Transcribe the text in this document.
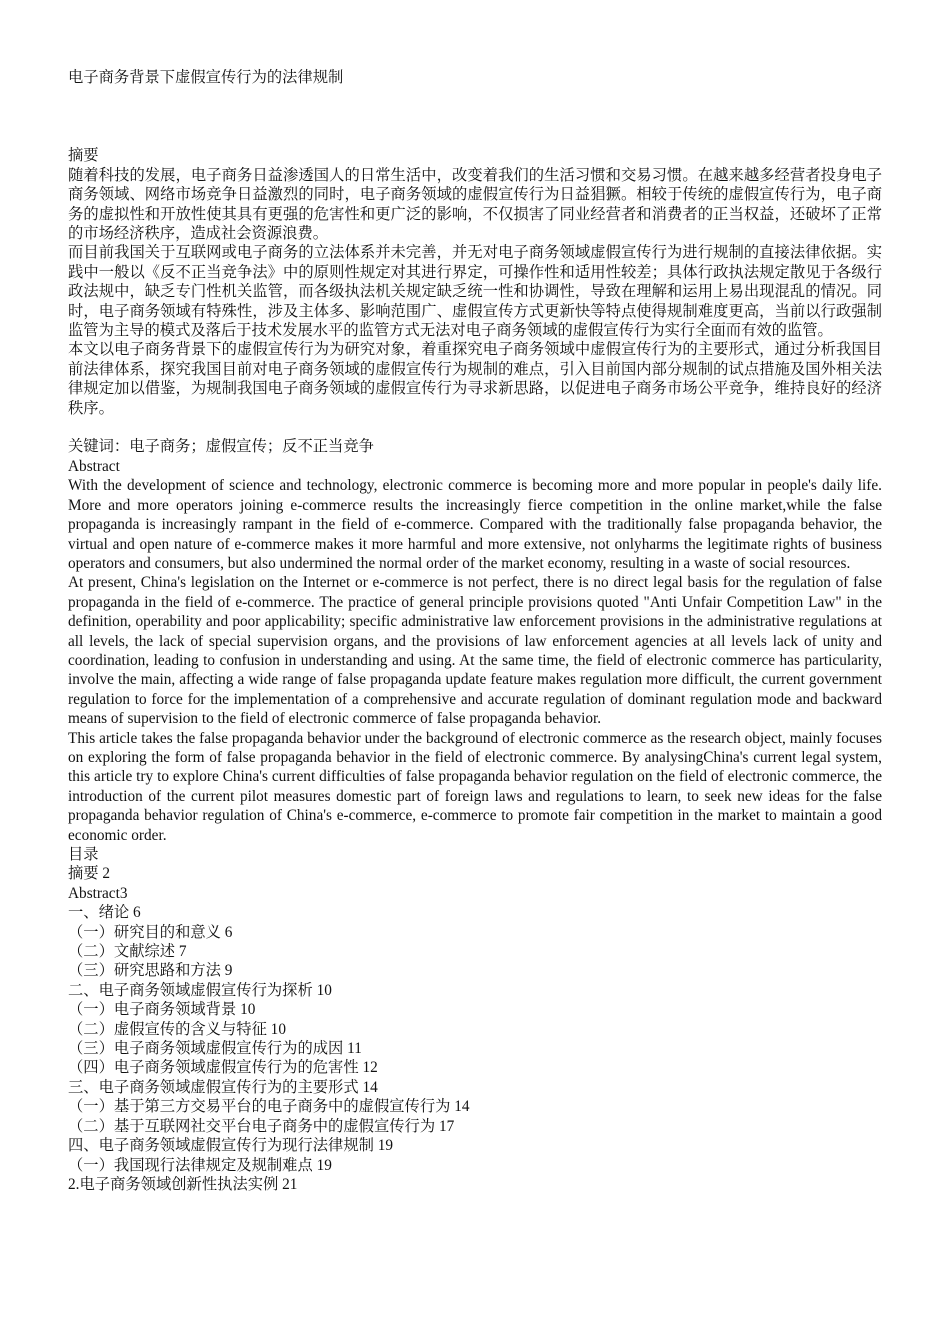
电子商务背景下虚假宣传行为的法律规制

摘要

随着科技的发展，电子商务日益渗透国人的日常生活中，改变着我们的生活习惯和交易习惯。在越来越多经营者投身电子商务领域、网络市场竞争日益激烈的同时，电子商务领域的虚假宣传行为日益猖獗。相较于传统的虚假宣传行为，电子商务的虚拟性和开放性使其具有更强的危害性和更广泛的影响，不仅损害了同业经营者和消费者的正当权益，还破坏了正常的市场经济秩序，造成社会资源浪费。

而目前我国关于互联网或电子商务的立法体系并未完善，并无对电子商务领域虚假宣传行为进行规制的直接法律依据。实践中一般以《反不正当竞争法》中的原则性规定对其进行界定，可操作性和适用性较差；具体行政执法规定散见于各级行政法规中，缺乏专门性机关监管，而各级执法机关规定缺乏统一性和协调性，导致在理解和运用上易出现混乱的情况。同时，电子商务领域有特殊性，涉及主体多、影响范围广、虚假宣传方式更新快等特点使得规制难度更高，当前以行政强制监管为主导的模式及落后于技术发展水平的监管方式无法对电子商务领域的虚假宣传行为实行全面而有效的监管。

本文以电子商务背景下的虚假宣传行为为研究对象，着重探究电子商务领域中虚假宣传行为的主要形式，通过分析我国目前法律体系，探究我国目前对电子商务领域的虚假宣传行为规制的难点，引入目前国内部分规制的试点措施及国外相关法律规定加以借鉴，为规制我国电子商务领域的虚假宣传行为寻求新思路，以促进电子商务市场公平竞争，维持良好的经济秩序。

关键词：电子商务；虚假宣传；反不正当竞争

Abstract

With the development of science and technology, electronic commerce is becoming more and more popular in people's daily life. More and more operators joining e-commerce results the increasingly fierce competition in the online market,while the false propaganda is increasingly rampant in the field of e-commerce. Compared with the traditionally false propaganda behavior, the virtual and open nature of e-commerce makes it more harmful and more extensive, not onlyharms the legitimate rights of business operators and consumers, but also undermined the normal order of the market economy, resulting in a waste of social resources.

At present, China's legislation on the Internet or e-commerce is not perfect, there is no direct legal basis for the regulation of false propaganda in the field of e-commerce. The practice of general principle provisions quoted "Anti Unfair Competition Law" in the definition, operability and poor applicability; specific administrative law enforcement provisions in the administrative regulations at all levels, the lack of special supervision organs, and the provisions of law enforcement agencies at all levels lack of unity and coordination, leading to confusion in understanding and using. At the same time, the field of electronic commerce has particularity, involve the main, affecting a wide range of false propaganda update feature makes regulation more difficult, the current government regulation to force for the implementation of a comprehensive and accurate regulation of dominant regulation mode and backward means of supervision to the field of electronic commerce of false propaganda behavior.

This article takes the false propaganda behavior under the background of electronic commerce as the research object, mainly focuses on exploring the form of false propaganda behavior in the field of electronic commerce. By analysingChina's current legal system, this article try to explore China's current difficulties of false propaganda behavior regulation on the field of electronic commerce, the introduction of the current pilot measures domestic part of foreign laws and regulations to learn, to seek new ideas for the false propaganda behavior regulation of China's e-commerce, e-commerce to promote fair competition in the market to maintain a good economic order.

目录

摘要 2

Abstract3

一、绪论 6

（一）研究目的和意义 6

（二）文献综述 7

（三）研究思路和方法 9

二、电子商务领域虚假宣传行为探析 10

（一）电子商务领域背景 10

（二）虚假宣传的含义与特征 10

（三）电子商务领域虚假宣传行为的成因 11

（四）电子商务领域虚假宣传行为的危害性 12

三、电子商务领域虚假宣传行为的主要形式 14

（一）基于第三方交易平台的电子商务中的虚假宣传行为 14

（二）基于互联网社交平台电子商务中的虚假宣传行为 17

四、电子商务领域虚假宣传行为现行法律规制 19

（一）我国现行法律规定及规制难点 19

2.电子商务领域创新性执法实例 21
